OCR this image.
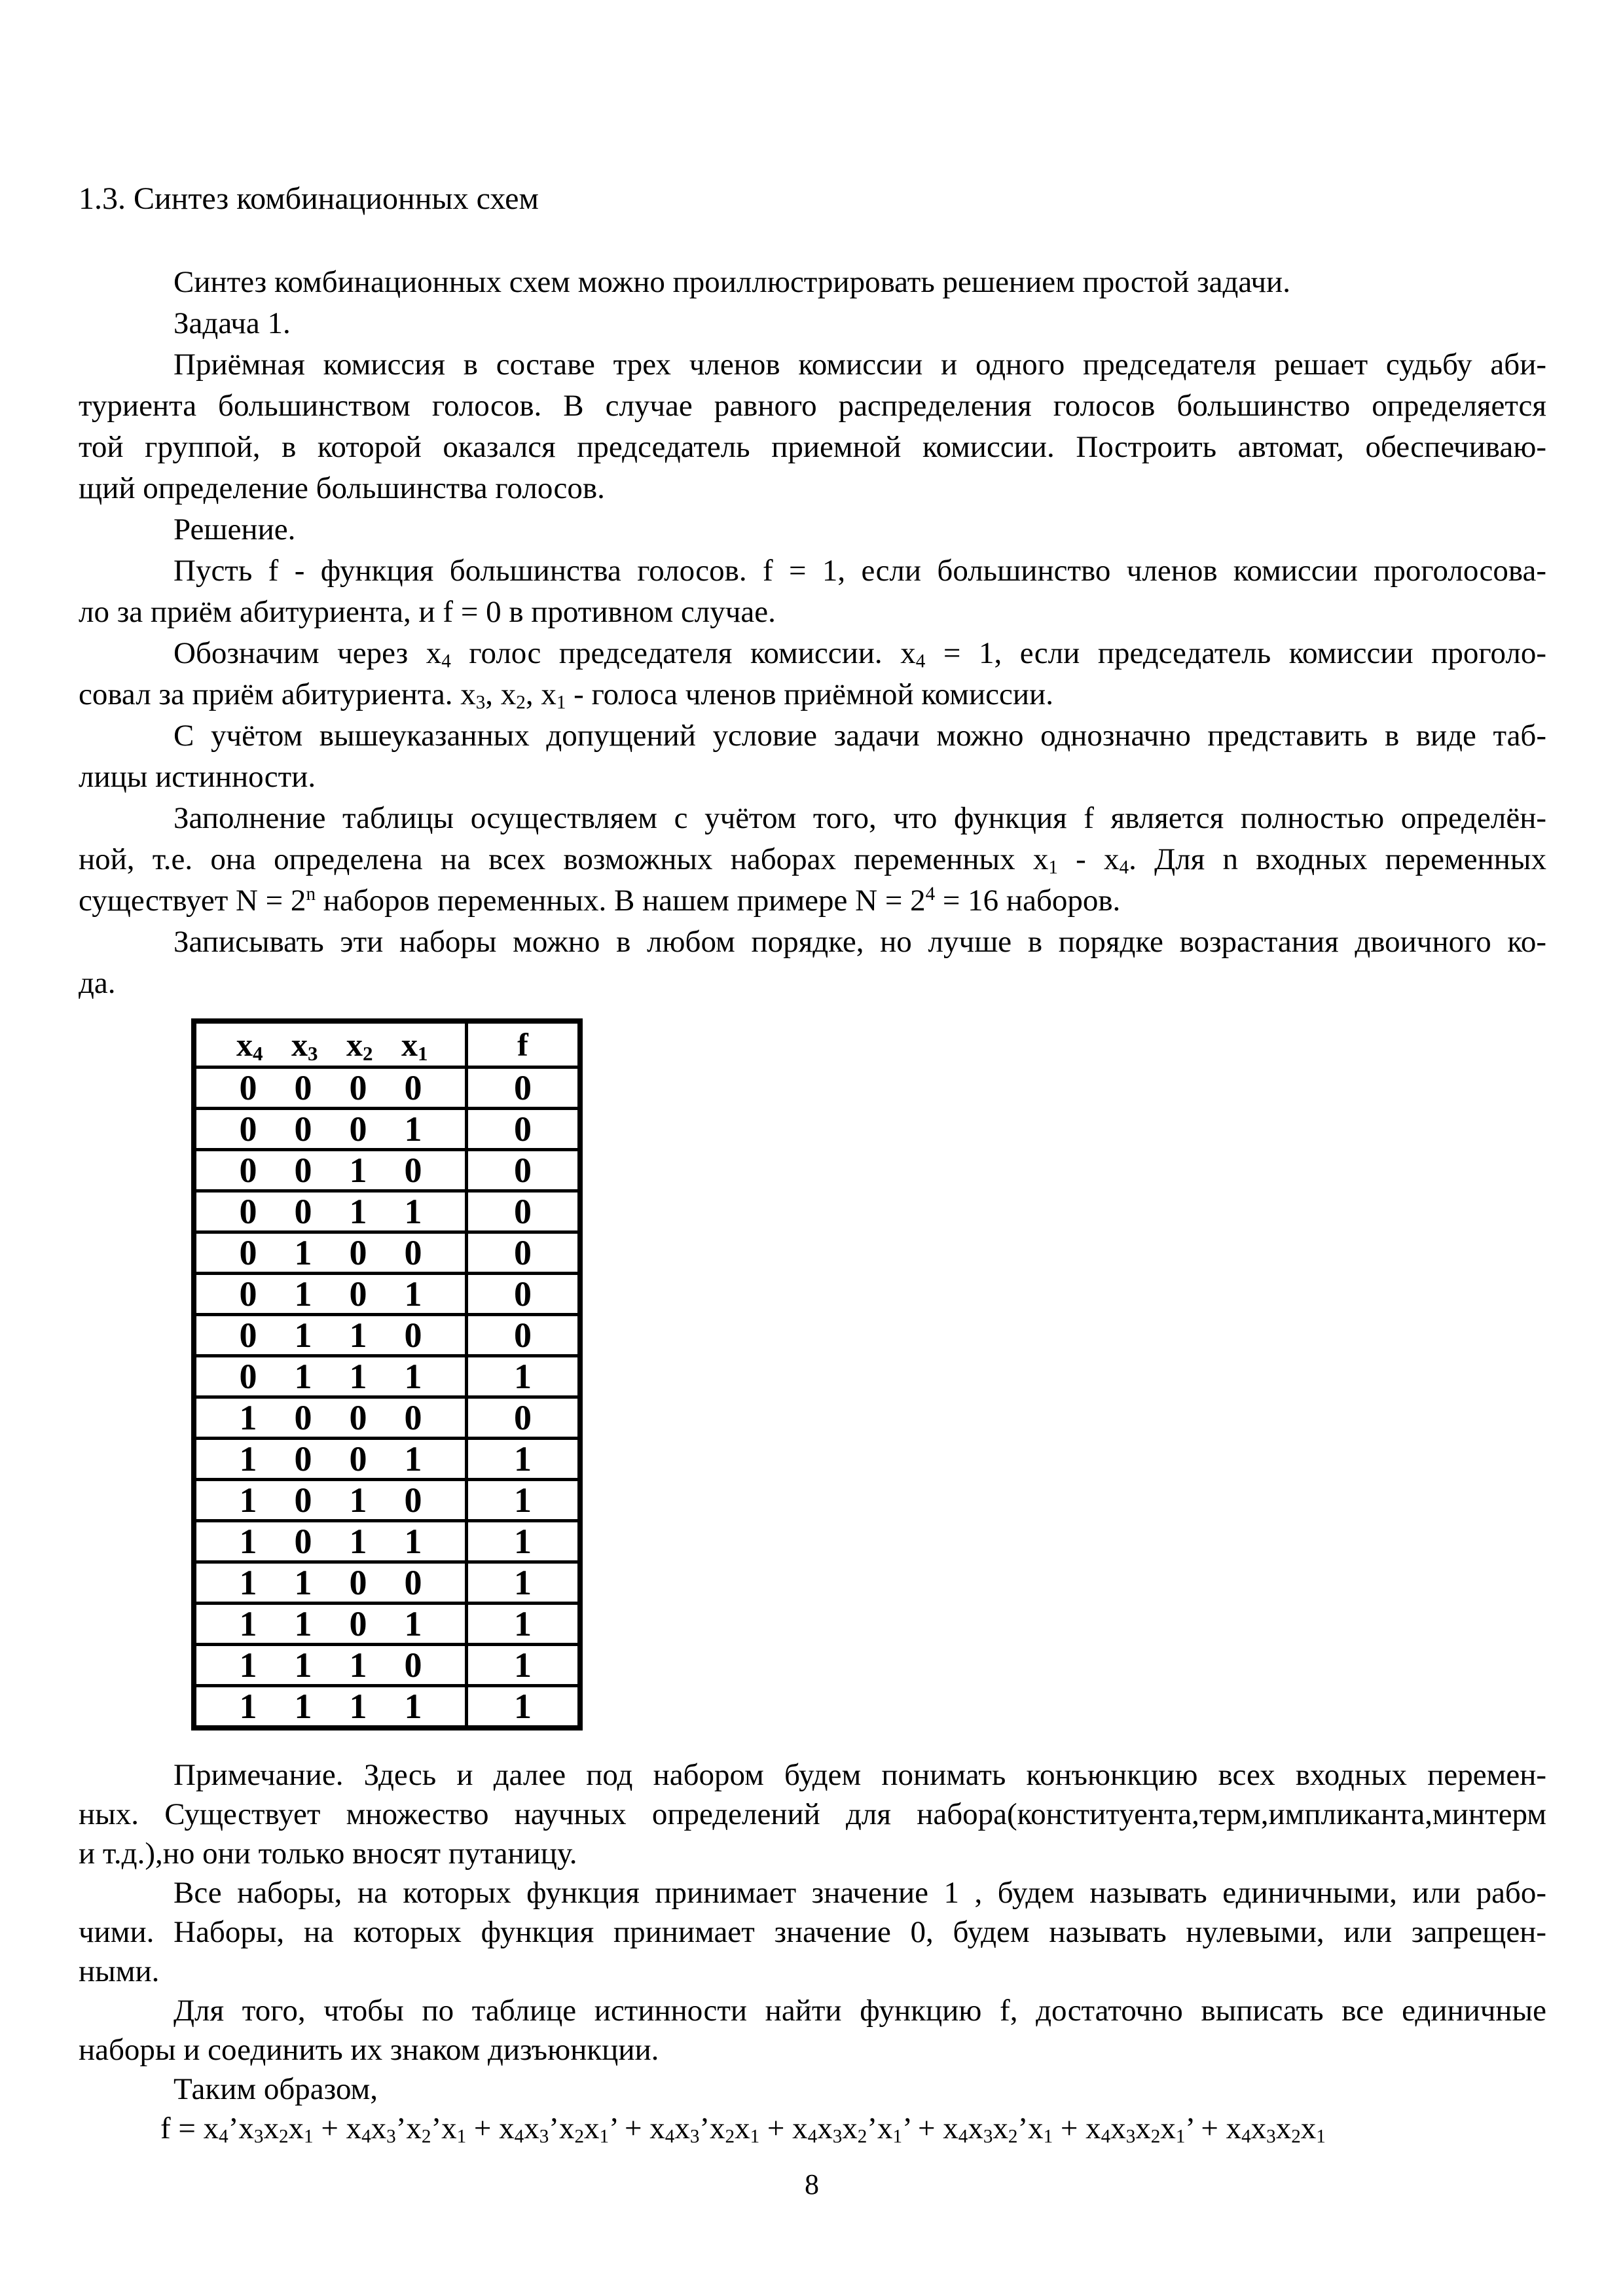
1.3. Синтез комбинационных схем
Синтез комбинационных схем можно проиллюстрировать решением простой задачи.
Задача 1.
Приёмная комиссия в составе трех членов комиссии и одного председателя решает судьбу аби-
туриента большинством голосов. В случае равного распределения голосов большинство определяется
той группой, в которой оказался председатель приемной комиссии. Построить автомат, обеспечиваю-
щий определение большинства голосов.
Решение.
Пусть f - функция большинства голосов. f = 1, если большинство членов комиссии проголосова-
ло за приём абитуриента, и f = 0 в противном случае.
Обозначим через $x_4$ голос председателя комиссии. $x_4 = 1$, если председатель комиссии проголо-
совал за приём абитуриента. $x_3$, $x_2$, $x_1$ - голоса членов приёмной комиссии.
С учётом вышеуказанных допущений условие задачи можно однозначно представить в виде таб-
лицы истинности.
Заполнение таблицы осуществляем с учётом того, что функция f является полностью определён-
ной, т.е. она определена на всех возможных наборах переменных $x_1 - x_4$. Для n входных переменных
существует $N = 2^n$ наборов переменных. В нашем примере $N = 2^4 = 16$ наборов.
Записывать эти наборы можно в любом порядке, но лучше в порядке возрастания двоичного ко-
да.
$x_4$ $x_3$ $x_2$ $x_1$	f
0 0 0 0	0
0 0 0 1	0
0 0 1 0	0
0 0 1 1	0
0 1 0 0	0
0 1 0 1	0
0 1 1 0	0
0 1 1 1	1
1 0 0 0	0
1 0 0 1	1
1 0 1 0	1
1 0 1 1	1
1 1 0 0	1
1 1 0 1	1
1 1 1 0	1
1 1 1 1	1
Примечание. Здесь и далее под набором будем понимать конъюнкцию всех входных перемен-
ных. Существует множество научных определений для набора(конституента,терм,импликанта,минтерм
и т.д.),но они только вносят путаницу.
Все наборы, на которых функция принимает значение 1 , будем называть единичными, или рабо-
чими. Наборы, на которых функция принимает значение 0, будем называть нулевыми, или запрещен-
ными.
Для того, чтобы по таблице истинности найти функцию f, достаточно выписать все единичные
наборы и соединить их знаком дизъюнкции.
Таким образом,
$f = x_4’x_3x_2x_1$ + $x_4x_3’x_2’x_1$ + $x_4x_3’x_2x_1$’ + $x_4x_3’x_2x_1$ + $x_4x_3x_2’x_1$’ + $x_4x_3x_2’x_1 + x_4x_3x_2x_1$’ + $x_4x_3x_2x_1$
8
